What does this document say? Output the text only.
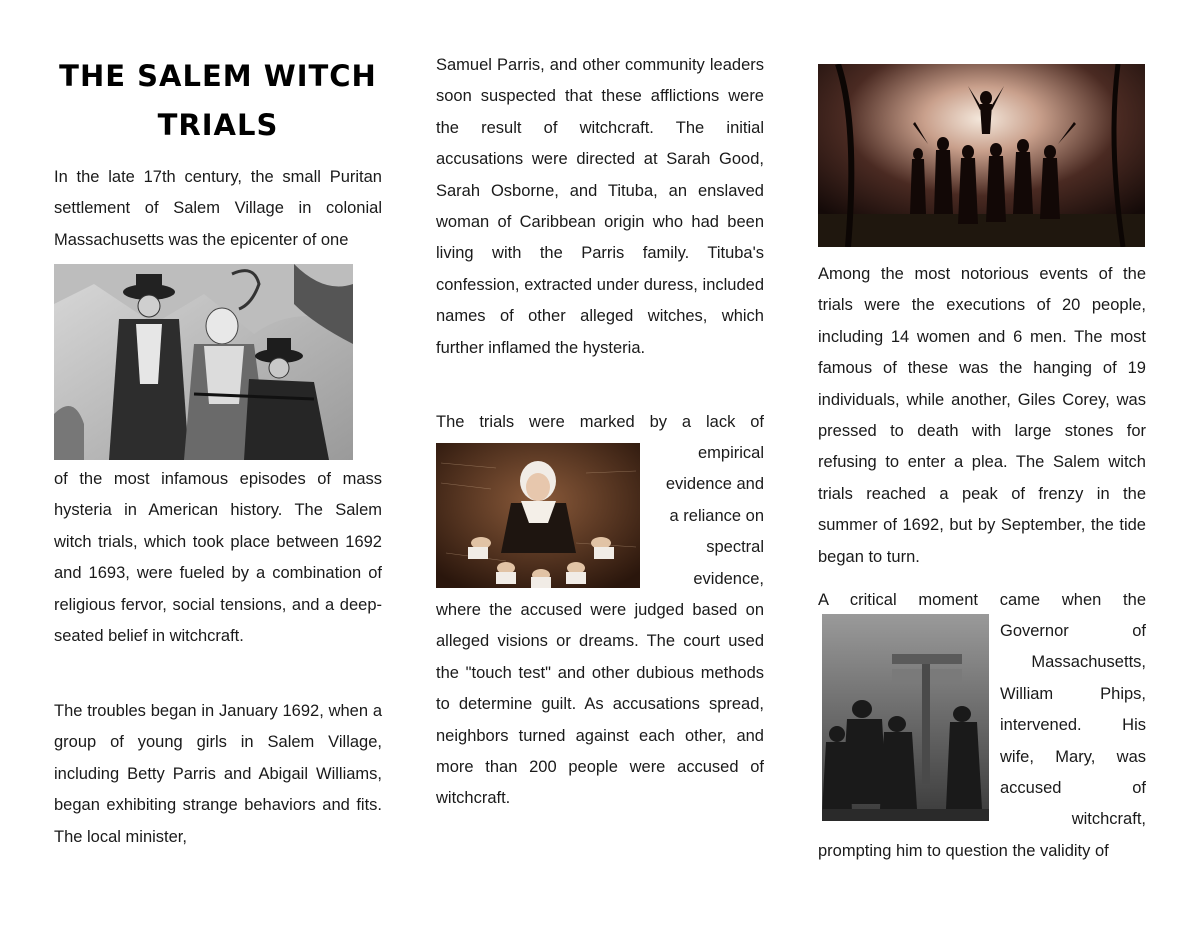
THE SALEM WITCH TRIALS

In the late 17th century, the small Puritan settlement of Salem Village in colonial Massachusetts was the epicenter of one

of the most infamous episodes of mass hysteria in American history. The Salem witch trials, which took place between 1692 and 1693, were fueled by a combination of religious fervor, social tensions, and a deep-seated belief in witchcraft.

The troubles began in January 1692, when a group of young girls in Salem Village, including Betty Parris and Abigail Williams, began exhibiting strange behaviors and fits. The local minister,

Samuel Parris, and other community leaders soon suspected that these afflictions were the result of witchcraft. The initial accusations were directed at Sarah Good, Sarah Osborne, and Tituba, an enslaved woman of Caribbean origin who had been living with the Parris family. Tituba's confession, extracted under duress, included names of other alleged witches, which further inflamed the hysteria.

The trials were marked by a lack of

empirical
evidence and
a reliance on
spectral
evidence,

where the accused were judged based on alleged visions or dreams. The court used the "touch test" and other dubious methods to determine guilt. As accusations spread, neighbors turned against each other, and more than 200 people were accused of witchcraft.

Among the most notorious events of the trials were the executions of 20 people, including 14 women and 6 men. The most famous of these was the hanging of 19 individuals, while another, Giles Corey, was pressed to death with large stones for refusing to enter a plea. The Salem witch trials reached a peak of frenzy in the summer of 1692, but by September, the tide began to turn.

A critical moment came when the

Governor of
Massachusetts,
William Phips,
intervened. His
wife, Mary, was
accused of
witchcraft,

prompting him to question the validity of
